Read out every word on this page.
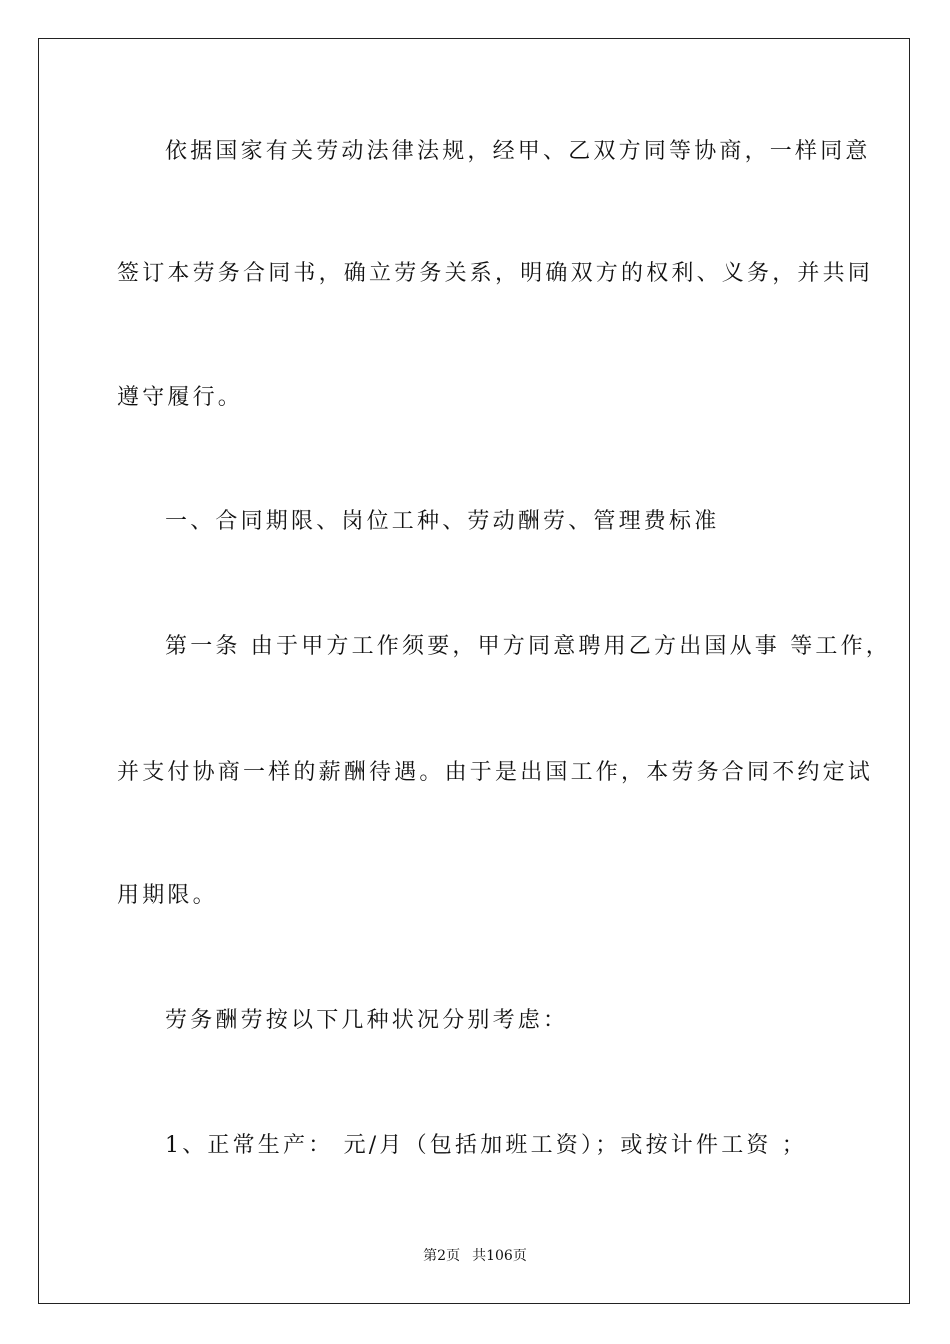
依据国家有关劳动法律法规，经甲、乙双方同等协商，一样同意
签订本劳务合同书，确立劳务关系，明确双方的权利、义务，并共同
遵守履行。
一、合同期限、岗位工种、劳动酬劳、管理费标准
第一条 由于甲方工作须要，甲方同意聘用乙方出国从事 等工作，
并支付协商一样的薪酬待遇。由于是出国工作，本劳务合同不约定试
用期限。
劳务酬劳按以下几种状况分别考虑：
1、正常生产： 元/月（包括加班工资）；或按计件工资 ；
第2页 共106页
